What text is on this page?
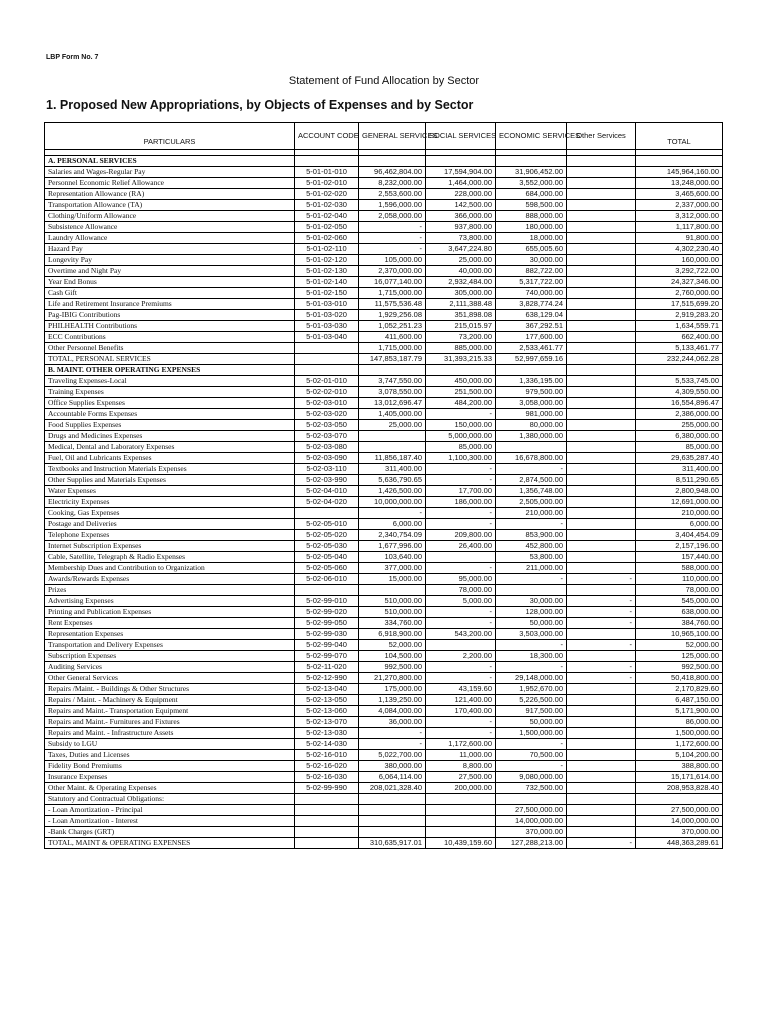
LBP Form No. 7
Statement of Fund Allocation by Sector
1. Proposed New Appropriations, by Objects of Expenses and by Sector
PARTICULARS	ACCOUNT CODE	GENERAL SERVICES	SOCIAL SERVICES	ECONOMIC SERVICES	Other Services	TOTAL

A. PERSONAL SERVICES						
Salaries and Wages-Regular Pay	5-01-01-010	96,462,804.00	17,594,904.00	31,906,452.00		145,964,160.00
Personnel Economic Relief Allowance	5-01-02-010	8,232,000.00	1,464,000.00	3,552,000.00		13,248,000.00
Representation Allowance (RA)	5-01-02-020	2,553,600.00	228,000.00	684,000.00		3,465,600.00
Transportation Allowance (TA)	5-01-02-030	1,596,000.00	142,500.00	598,500.00		2,337,000.00
Clothing/Uniform Allowance	5-01-02-040	2,058,000.00	366,000.00	888,000.00		3,312,000.00
Subsistence Allowance	5-01-02-050	-	937,800.00	180,000.00		1,117,800.00
Laundry Allowance	5-01-02-060	-	73,800.00	18,000.00		91,800.00
Hazard Pay	5-01-02-110	-	3,647,224.80	655,005.60		4,302,230.40
Longevity Pay	5-01-02-120	105,000.00	25,000.00	30,000.00		160,000.00
Overtime and Night Pay	5-01-02-130	2,370,000.00	40,000.00	882,722.00		3,292,722.00
Year End Bonus	5-01-02-140	16,077,140.00	2,932,484.00	5,317,722.00		24,327,346.00
Cash Gift	5-01-02-150	1,715,000.00	305,000.00	740,000.00		2,760,000.00
Life and Retirement Insurance Premiums	5-01-03-010	11,575,536.48	2,111,388.48	3,828,774.24		17,515,699.20
Pag-IBIG Contributions	5-01-03-020	1,929,256.08	351,898.08	638,129.04		2,919,283.20
PHILHEALTH Contributions	5-01-03-030	1,052,251.23	215,015.97	367,292.51		1,634,559.71
ECC Contributions	5-01-03-040	411,600.00	73,200.00	177,600.00		662,400.00
Other Personnel Benefits		1,715,000.00	885,000.00	2,533,461.77		5,133,461.77
TOTAL, PERSONAL SERVICES		147,853,187.79	31,393,215.33	52,997,659.16		232,244,062.28
B. MAINT. OTHER OPERATING EXPENSES						
Traveling Expenses-Local	5-02-01-010	3,747,550.00	450,000.00	1,336,195.00		5,533,745.00
Training Expenses	5-02-02-010	3,078,550.00	251,500.00	979,500.00		4,309,550.00
Office Supplies Expenses	5-02-03-010	13,012,696.47	484,200.00	3,058,000.00		16,554,896.47
Accountable Forms Expenses	5-02-03-020	1,405,000.00	-	981,000.00		2,386,000.00
Food Supplies Expenses	5-02-03-050	25,000.00	150,000.00	80,000.00		255,000.00
Drugs and Medicines Expenses	5-02-03-070		5,000,000.00	1,380,000.00		6,380,000.00
Medical, Dental and Laboratory Expenses	5-02-03-080		85,000.00			85,000.00
Fuel, Oil and Lubricants Expenses	5-02-03-090	11,856,187.40	1,100,300.00	16,678,800.00		29,635,287.40
Textbooks and Instruction Materials Expenses	5-02-03-110	311,400.00	-	-		311,400.00
Other Supplies and Materials Expenses	5-02-03-990	5,636,790.65	-	2,874,500.00		8,511,290.65
Water Expenses	5-02-04-010	1,426,500.00	17,700.00	1,356,748.00		2,800,948.00
Electricity Expenses	5-02-04-020	10,000,000.00	186,000.00	2,505,000.00		12,691,000.00
Cooking, Gas Expenses		-	-	210,000.00		210,000.00
Postage and Deliveries	5-02-05-010	6,000.00	-	-		6,000.00
Telephone Expenses	5-02-05-020	2,340,754.09	209,800.00	853,900.00		3,404,454.09
Internet Subscription Expenses	5-02-05-030	1,677,996.00	26,400.00	452,800.00		2,157,196.00
Cable, Satellite, Telegraph & Radio Expenses	5-02-05-040	103,640.00		53,800.00		157,440.00
Membership Dues and Contribution to Organization	5-02-05-060	377,000.00	-	211,000.00		588,000.00
Awards/Rewards Expenses	5-02-06-010	15,000.00	95,000.00	-	-	110,000.00
Prizes			78,000.00			78,000.00
Advertising Expenses	5-02-99-010	510,000.00	5,000.00	30,000.00	-	545,000.00
Printing and Publication Expenses	5-02-99-020	510,000.00	-	128,000.00	-	638,000.00
Rent Expenses	5-02-99-050	334,760.00	-	50,000.00	-	384,760.00
Representation Expenses	5-02-99-030	6,918,900.00	543,200.00	3,503,000.00		10,965,100.00
Transportation and Delivery Expenses	5-02-99-040	52,000.00		-	-	52,000.00
Subscription Expenses	5-02-99-070	104,500.00	2,200.00	18,300.00		125,000.00
Auditing Services	5-02-11-020	992,500.00	-	-	-	992,500.00
Other General Services	5-02-12-990	21,270,800.00	-	29,148,000.00	-	50,418,800.00
Repairs /Maint. - Buildings & Other Structures	5-02-13-040	175,000.00	43,159.60	1,952,670.00		2,170,829.60
Repairs / Maint. - Machinery & Equipment	5-02-13-050	1,139,250.00	121,400.00	5,226,500.00		6,487,150.00
Repairs and Maint.- Transportation Equipment	5-02-13-060	4,084,000.00	170,400.00	917,500.00		5,171,900.00
Repairs and Maint.- Furnitures and Fixtures	5-02-13-070	36,000.00	-	50,000.00		86,000.00
Repairs and Maint. - Infrastructure Assets	5-02-13-030	-	-	1,500,000.00		1,500,000.00
Subsidy to LGU	5-02-14-030	-	1,172,600.00	-		1,172,600.00
Taxes, Duties and Licenses	5-02-16-010	5,022,700.00	11,000.00	70,500.00		5,104,200.00
Fidelity Bond Premiums	5-02-16-020	380,000.00	8,800.00	-		388,800.00
Insurance Expenses	5-02-16-030	6,064,114.00	27,500.00	9,080,000.00		15,171,614.00
Other Maint. & Operating Expenses	5-02-99-990	208,021,328.40	200,000.00	732,500.00		208,953,828.40
Statutory and Contractual Obligations:						
- Loan Amortization - Principal				27,500,000.00		27,500,000.00
- Loan Amortization - Interest				14,000,000.00		14,000,000.00
-Bank Charges (GRT)				370,000.00		370,000.00
TOTAL, MAINT & OPERATING EXPENSES		310,635,917.01	10,439,159.60	127,288,213.00	-	448,363,289.61
